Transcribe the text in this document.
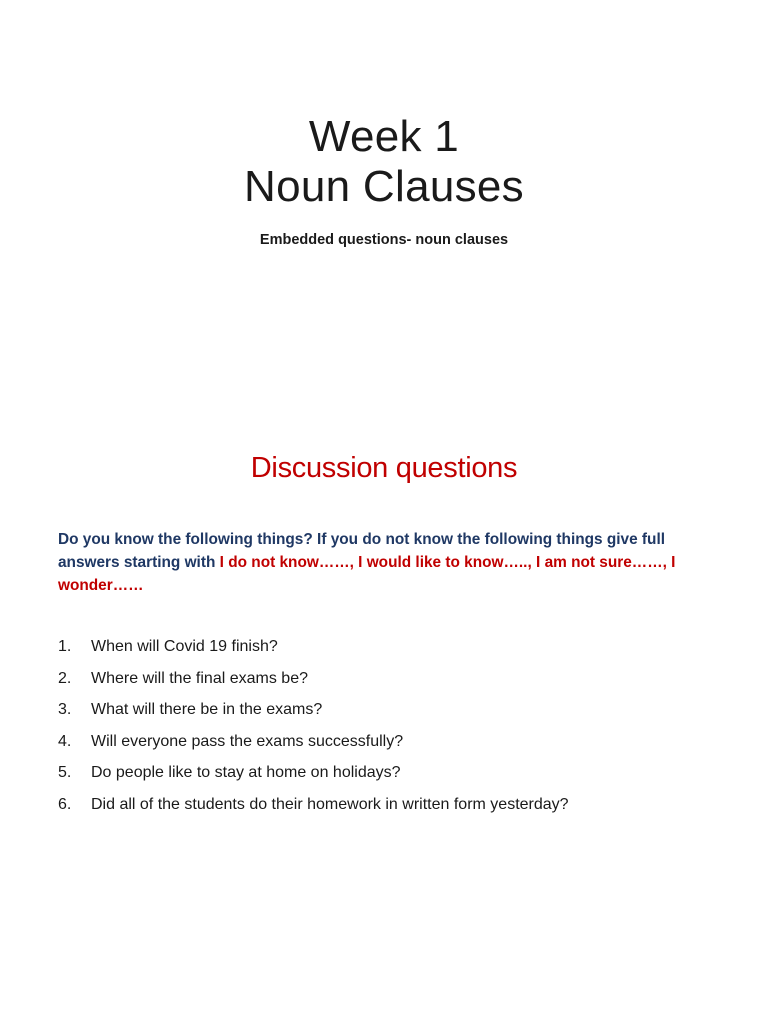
Week 1
Noun Clauses
Embedded questions- noun clauses
Discussion questions
Do you know the following things? If you do not know the following things give full answers starting with I do not know……, I would like to know….., I am not sure……, I wonder……
1.	When will Covid 19 finish?
2.	Where will the final exams be?
3.	What will there be in the exams?
4.	Will everyone pass the exams successfully?
5.	Do people like to stay at home on holidays?
6.	Did all of the students do their homework in written form yesterday?
